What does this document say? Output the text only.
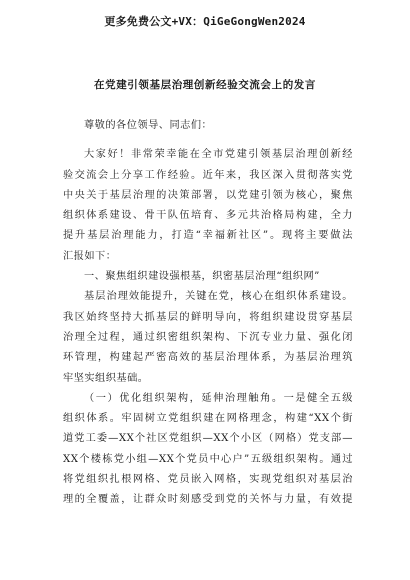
更多免费公文+VX：QiGeGongWen2024
在党建引领基层治理创新经验交流会上的发言
尊敬的各位领导、同志们：
大家好！非常荣幸能在全市党建引领基层治理创新经
验交流会上分享工作经验。近年来，我区深入贯彻落实党
中央关于基层治理的决策部署，以党建引领为核心，聚焦
组织体系建设、骨干队伍培育、多元共治格局构建，全力
提升基层治理能力，打造“幸福新社区”。现将主要做法
汇报如下：
一、聚焦组织建设强根基，织密基层治理“组织网”
基层治理效能提升，关键在党，核心在组织体系建设。
我区始终坚持大抓基层的鲜明导向，将组织建设贯穿基层
治理全过程，通过织密组织架构、下沉专业力量、强化闭
环管理，构建起严密高效的基层治理体系，为基层治理筑
牢坚实组织基础。
（一）优化组织架构，延伸治理触角。一是健全五级
组织体系。牢固树立党组织建在网格理念，构建“XX个街
道党工委—XX个社区党组织—XX个小区（网格）党支部—
XX个楼栋党小组—XX个党员中心户”五级组织架构。通过
将党组织扎根网格、党员嵌入网格，实现党组织对基层治
理的全覆盖，让群众时刻感受到党的关怀与力量，有效提
